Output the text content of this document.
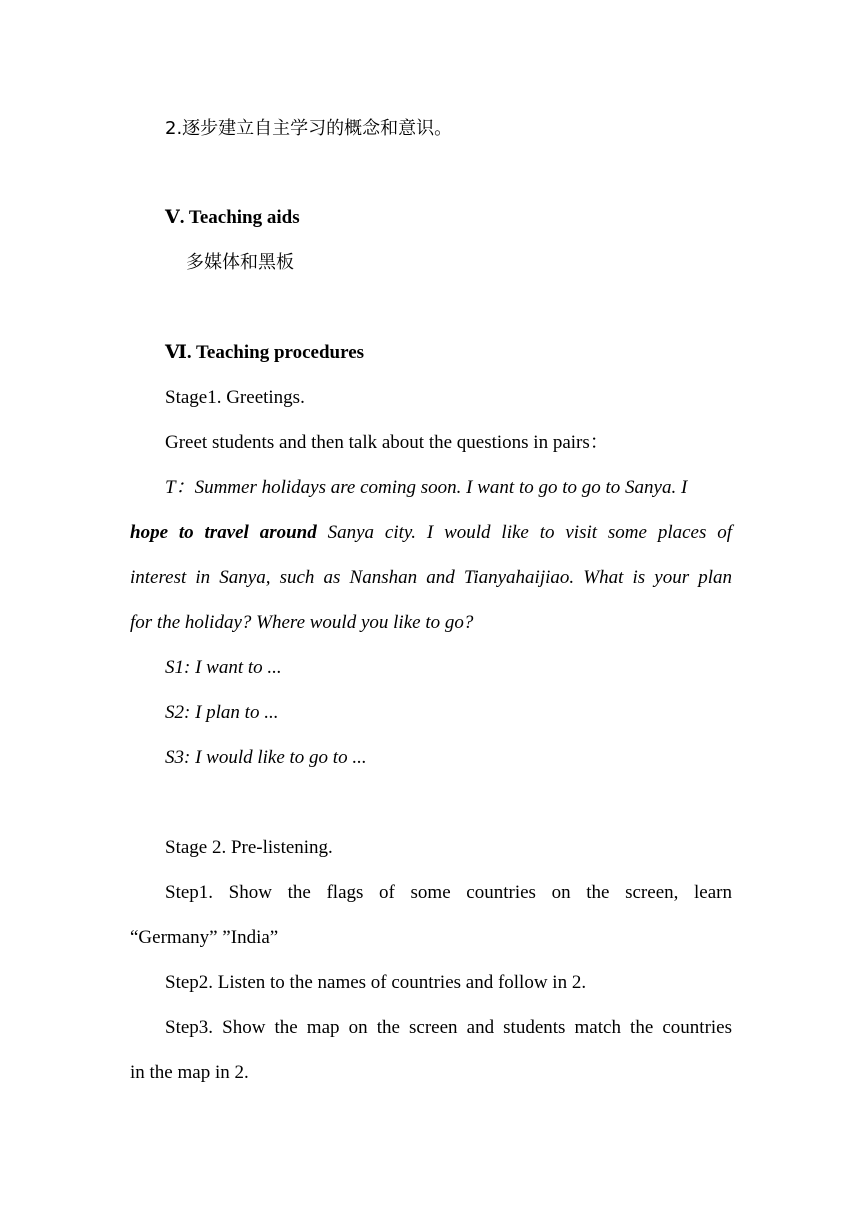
2.逐步建立自主学习的概念和意识。
Ⅴ. Teaching aids
多媒体和黑板
Ⅵ. Teaching procedures
Stage1. Greetings.
Greet students and then talk about the questions in pairs：
T：Summer holidays are coming soon. I want to go to go to Sanya. I
hope to travel around Sanya city. I would like to visit some places of
interest in Sanya, such as Nanshan and Tianyahaijiao. What is your plan
for the holiday? Where would you like to go?
S1: I want to ...
S2: I plan to ...
S3: I would like to go to ...
Stage 2. Pre-listening.
Step1. Show the flags of some countries on the screen, learn
“Germany” ”India”
Step2. Listen to the names of countries and follow in 2.
Step3. Show the map on the screen and students match the countries
in the map in 2.
